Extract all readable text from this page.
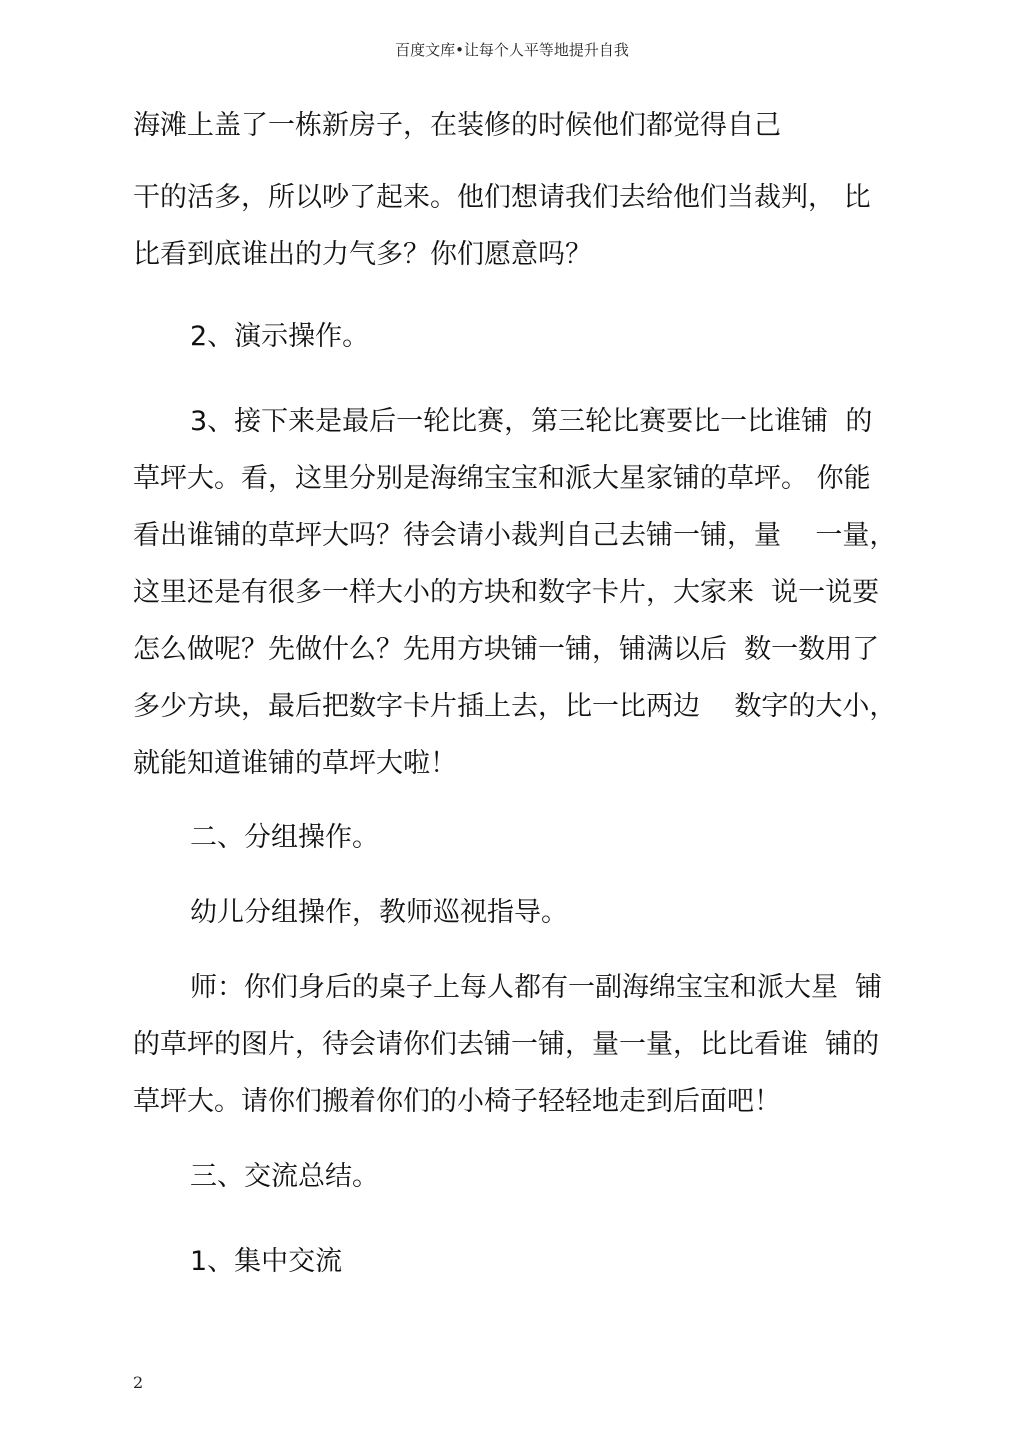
百度文库•让每个人平等地提升自我
海滩上盖了一栋新房子，在装修的时候他们都觉得自己
干的活多，所以吵了起来。他们想请我们去给他们当裁判， 比
比看到底谁出的力气多？你们愿意吗？
2、演示操作。
3、接下来是最后一轮比赛，第三轮比赛要比一比谁铺  的
草坪大。看，这里分别是海绵宝宝和派大星家铺的草坪。 你能
看出谁铺的草坪大吗？待会请小裁判自己去铺一铺，量    一量，
这里还是有很多一样大小的方块和数字卡片，大家来  说一说要
怎么做呢？先做什么？先用方块铺一铺，铺满以后  数一数用了
多少方块，最后把数字卡片插上去，比一比两边    数字的大小，
就能知道谁铺的草坪大啦！
二、分组操作。
幼儿分组操作，教师巡视指导。
师：你们身后的桌子上每人都有一副海绵宝宝和派大星  铺
的草坪的图片，待会请你们去铺一铺，量一量，比比看谁  铺的
草坪大。请你们搬着你们的小椅子轻轻地走到后面吧！
三、交流总结。
1、集中交流
2
